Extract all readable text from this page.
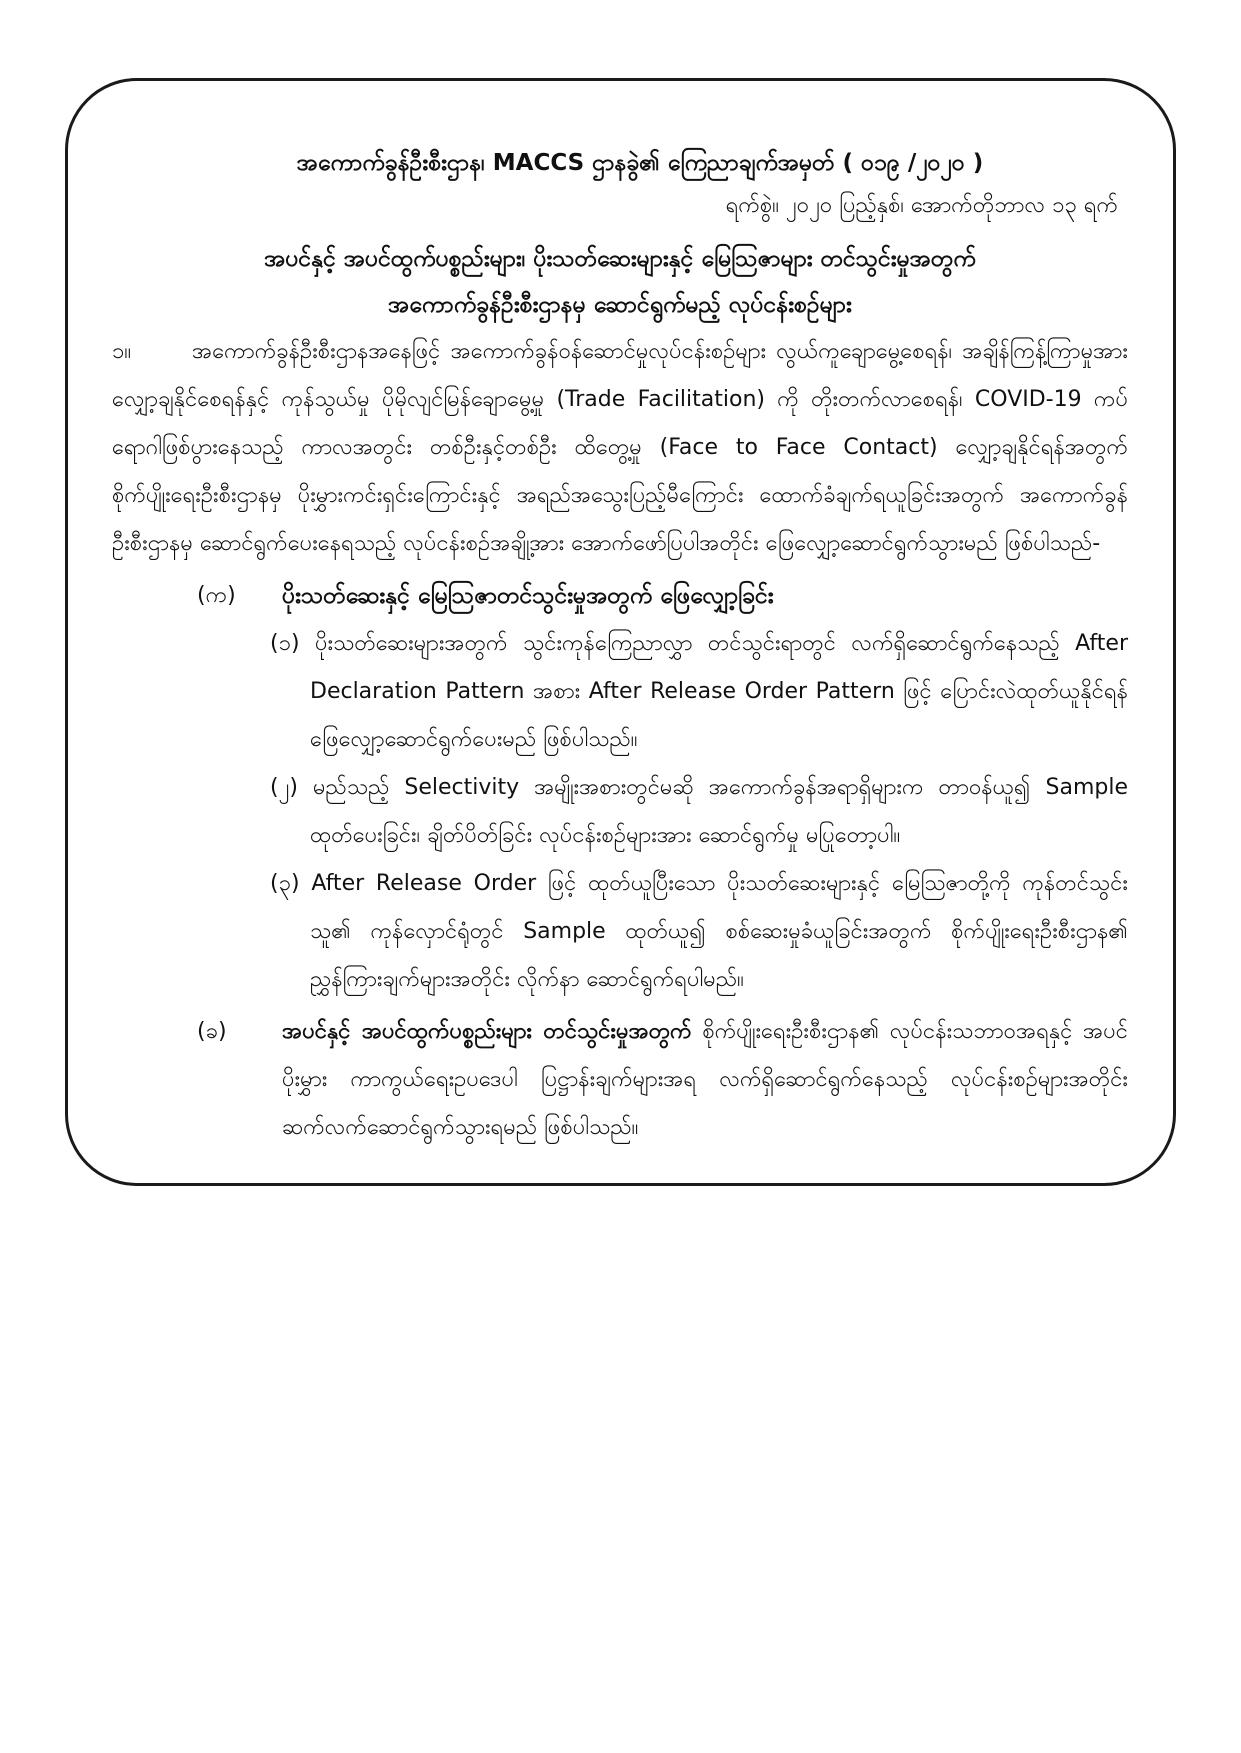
အကောက်ခွန်ဦးစီးဌာန၊ MACCS ဌာနခွဲ၏ ကြေညာချက်အမှတ် ( ၀၁၉ /၂၀၂၀ )
ရက်စွဲ။ ၂၀၂၀ ပြည့်နှစ်၊ အောက်တိုဘာလ ၁၃ ရက်
အပင်နှင့် အပင်ထွက်ပစ္စည်းများ၊ ပိုးသတ်ဆေးများနှင့် မြေသြဇာများ တင်သွင်းမှုအတွက်
အကောက်ခွန်ဦးစီးဌာနမှ ဆောင်ရွက်မည့် လုပ်ငန်းစဉ်များ
၁။	အကောက်ခွန်ဦးစီးဌာနအနေဖြင့် အကောက်ခွန်ဝန်ဆောင်မှုလုပ်ငန်းစဉ်များ လွယ်ကူချောမွေ့စေရန်၊ အချိန်ကြန့်ကြာမှုအားလျှော့ချနိုင်စေရန်နှင့် ကုန်သွယ်မှု ပိုမိုလျင်မြန်ချောမွေ့မှု (Trade Facilitation) ကို တိုးတက်လာစေရန်၊ COVID-19 ကပ်ရောဂါဖြစ်ပွားနေသည့် ကာလအတွင်း တစ်ဦးနှင့်တစ်ဦး ထိတွေ့မှု (Face to Face Contact) လျှော့ချနိုင်ရန်အတွက် စိုက်ပျိုးရေးဦးစီးဌာနမှ ပိုးမွှားကင်းရှင်းကြောင်းနှင့် အရည်အသွေးပြည့်မီကြောင်း ထောက်ခံချက်ရယူခြင်းအတွက် အကောက်ခွန်ဦးစီးဌာနမှ ဆောင်ရွက်ပေးနေရသည့် လုပ်ငန်းစဉ်အချို့အား အောက်ဖော်ပြပါအတိုင်း ဖြေလျှော့ဆောင်ရွက်သွားမည် ဖြစ်ပါသည်-
(က)	ပိုးသတ်ဆေးနှင့် မြေသြဇာတင်သွင်းမှုအတွက် ဖြေလျှော့ခြင်း
(၁) ပိုးသတ်ဆေးများအတွက် သွင်းကုန်ကြေညာလွှာ တင်သွင်းရာတွင် လက်ရှိဆောင်ရွက်နေသည့် After Declaration Pattern အစား After Release Order Pattern ဖြင့် ပြောင်းလဲထုတ်ယူနိုင်ရန် ဖြေလျှော့ဆောင်ရွက်ပေးမည် ဖြစ်ပါသည်။
(၂) မည်သည့် Selectivity အမျိုးအစားတွင်မဆို အကောက်ခွန်အရာရှိများက တာဝန်ယူ၍ Sample ထုတ်ပေးခြင်း၊ ချိတ်ပိတ်ခြင်း လုပ်ငန်းစဉ်များအား ဆောင်ရွက်မှု မပြုတော့ပါ။
(၃) After Release Order ဖြင့် ထုတ်ယူပြီးသော ပိုးသတ်ဆေးများနှင့် မြေသြဇာတို့ကို ကုန်တင်သွင်းသူ၏ ကုန်လှောင်ရုံတွင် Sample ထုတ်ယူ၍ စစ်ဆေးမှုခံယူခြင်းအတွက် စိုက်ပျိုးရေးဦးစီးဌာန၏ ညွှန်ကြားချက်များအတိုင်း လိုက်နာ ဆောင်ရွက်ရပါမည်။
(ခ)	အပင်နှင့် အပင်ထွက်ပစ္စည်းများ တင်သွင်းမှုအတွက် စိုက်ပျိုးရေးဦးစီးဌာန၏ လုပ်ငန်းသဘာဝအရနှင့် အပင်ပိုးမွှား ကာကွယ်ရေးဥပဒေပါ ပြဋ္ဌာန်းချက်များအရ လက်ရှိဆောင်ရွက်နေသည့် လုပ်ငန်းစဉ်များအတိုင်း ဆက်လက်ဆောင်ရွက်သွားရမည် ဖြစ်ပါသည်။
